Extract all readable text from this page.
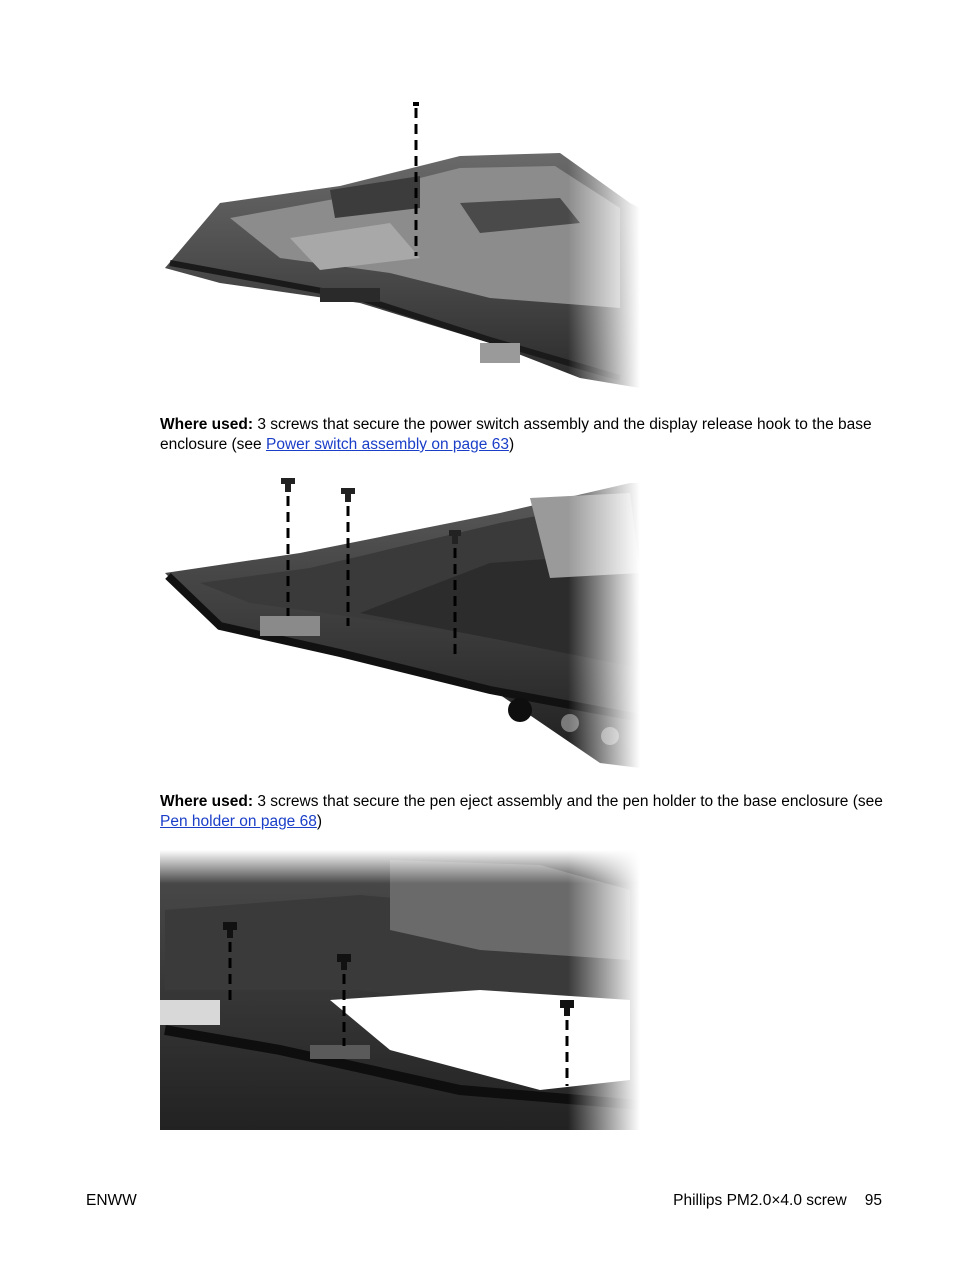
Where used: 3 screws that secure the power switch assembly and the display release hook to the base enclosure (see Power switch assembly on page 63)
Where used: 3 screws that secure the pen eject assembly and the pen holder to the base enclosure (see Pen holder on page 68)
ENWW	Phillips PM2.0×4.0 screw 95
